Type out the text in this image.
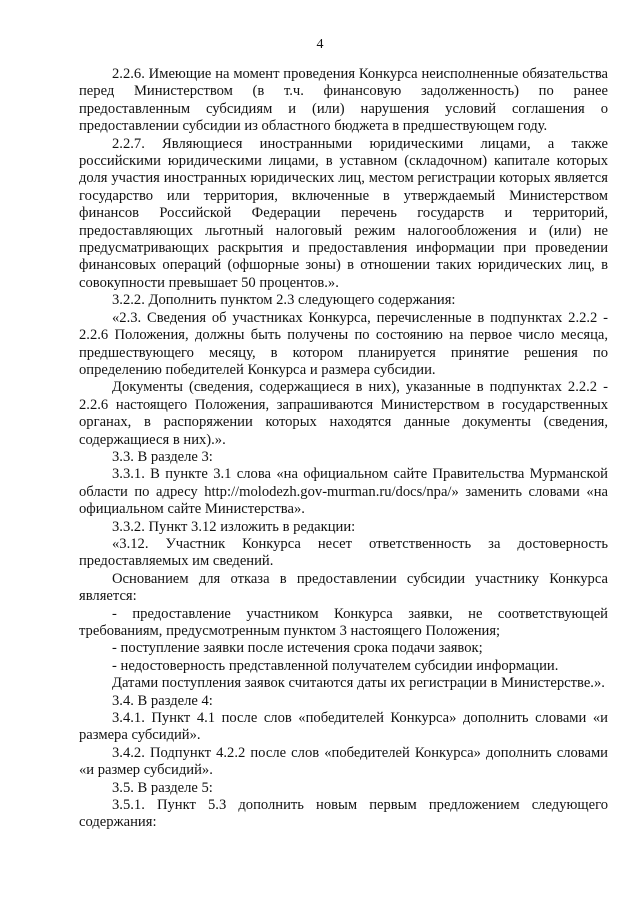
4

2.2.6. Имеющие на момент проведения Конкурса неисполненные обязательства перед Министерством (в т.ч. финансовую задолженность) по ранее предоставленным субсидиям и (или) нарушения условий соглашения о предоставлении субсидии из областного бюджета в предшествующем году.

2.2.7. Являющиеся иностранными юридическими лицами, а также российскими юридическими лицами, в уставном (складочном) капитале которых доля участия иностранных юридических лиц, местом регистрации которых является государство или территория, включенные в утверждаемый Министерством финансов Российской Федерации перечень государств и территорий, предоставляющих льготный налоговый режим налогообложения и (или) не предусматривающих раскрытия и предоставления информации при проведении финансовых операций (офшорные зоны) в отношении таких юридических лиц, в совокупности превышает 50 процентов.».

3.2.2. Дополнить пунктом 2.3 следующего содержания:

«2.3. Сведения об участниках Конкурса, перечисленные в подпунктах 2.2.2 - 2.2.6 Положения, должны быть получены по состоянию на первое число месяца, предшествующего месяцу, в котором планируется принятие решения по определению победителей Конкурса и размера субсидии.

Документы (сведения, содержащиеся в них), указанные в подпунктах 2.2.2 - 2.2.6 настоящего Положения, запрашиваются Министерством в государственных органах, в распоряжении которых находятся данные документы (сведения, содержащиеся в них).».

3.3. В разделе 3:

3.3.1. В пункте 3.1 слова «на официальном сайте Правительства Мурманской области по адресу http://molodezh.gov-murman.ru/docs/npa/» заменить словами «на официальном сайте Министерства».

3.3.2. Пункт 3.12 изложить в редакции:

«3.12. Участник Конкурса несет ответственность за достоверность предоставляемых им сведений.

Основанием для отказа в предоставлении субсидии участнику Конкурса является:

- предоставление участником Конкурса заявки, не соответствующей требованиям, предусмотренным пунктом 3 настоящего Положения;

- поступление заявки после истечения срока подачи заявок;

- недостоверность представленной получателем субсидии информации.

Датами поступления заявок считаются даты их регистрации в Министерстве.».

3.4. В разделе 4:

3.4.1. Пункт 4.1 после слов «победителей Конкурса» дополнить словами «и размера субсидий».

3.4.2. Подпункт 4.2.2 после слов «победителей Конкурса» дополнить словами «и размер субсидий».

3.5. В разделе 5:

3.5.1. Пункт 5.3 дополнить новым первым предложением следующего содержания:
